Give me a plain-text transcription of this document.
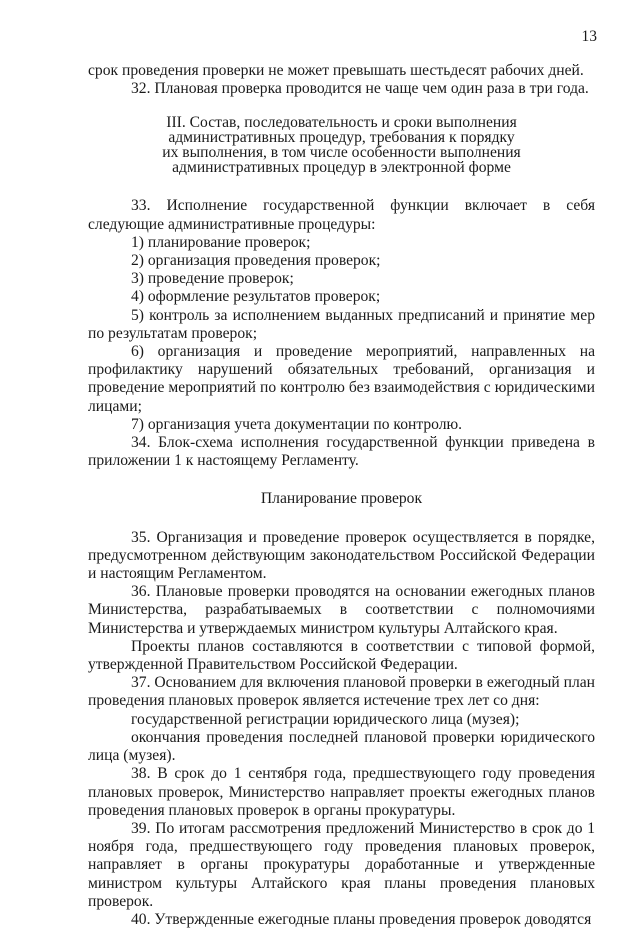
13

срок проведения проверки не может превышать шестьдесят рабочих дней.

32. Плановая проверка проводится не чаще чем один раза в три года.

III. Состав, последовательность и сроки выполнения
административных процедур, требования к порядку
их выполнения, в том числе особенности выполнения
административных процедур в электронной форме

33. Исполнение государственной функции включает в себя следующие административные процедуры:

1) планирование проверок;

2) организация проведения проверок;

3) проведение проверок;

4) оформление результатов проверок;

5) контроль за исполнением выданных предписаний и принятие мер по результатам проверок;

6) организация и проведение мероприятий, направленных на профилактику нарушений обязательных требований, организация и проведение мероприятий по контролю без взаимодействия с юридическими лицами;

7) организация учета документации по контролю.

34. Блок-схема исполнения государственной функции приведена в приложении 1 к настоящему Регламенту.

Планирование проверок

35. Организация и проведение проверок осуществляется в порядке, предусмотренном действующим законодательством Российской Федерации и настоящим Регламентом.

36. Плановые проверки проводятся на основании ежегодных планов Министерства, разрабатываемых в соответствии с полномочиями Министерства и утверждаемых министром культуры Алтайского края.

Проекты планов составляются в соответствии с типовой формой, утвержденной Правительством Российской Федерации.

37. Основанием для включения плановой проверки в ежегодный план проведения плановых проверок является истечение трех лет со дня:

государственной регистрации юридического лица (музея);

окончания проведения последней плановой проверки юридического лица (музея).

38. В срок до 1 сентября года, предшествующего году проведения плановых проверок, Министерство направляет проекты ежегодных планов проведения плановых проверок в органы прокуратуры.

39. По итогам рассмотрения предложений Министерство в срок до 1 ноября года, предшествующего году проведения плановых проверок, направляет в органы прокуратуры доработанные и утвержденные министром культуры Алтайского края планы проведения плановых проверок.

40. Утвержденные ежегодные планы проведения проверок доводятся
